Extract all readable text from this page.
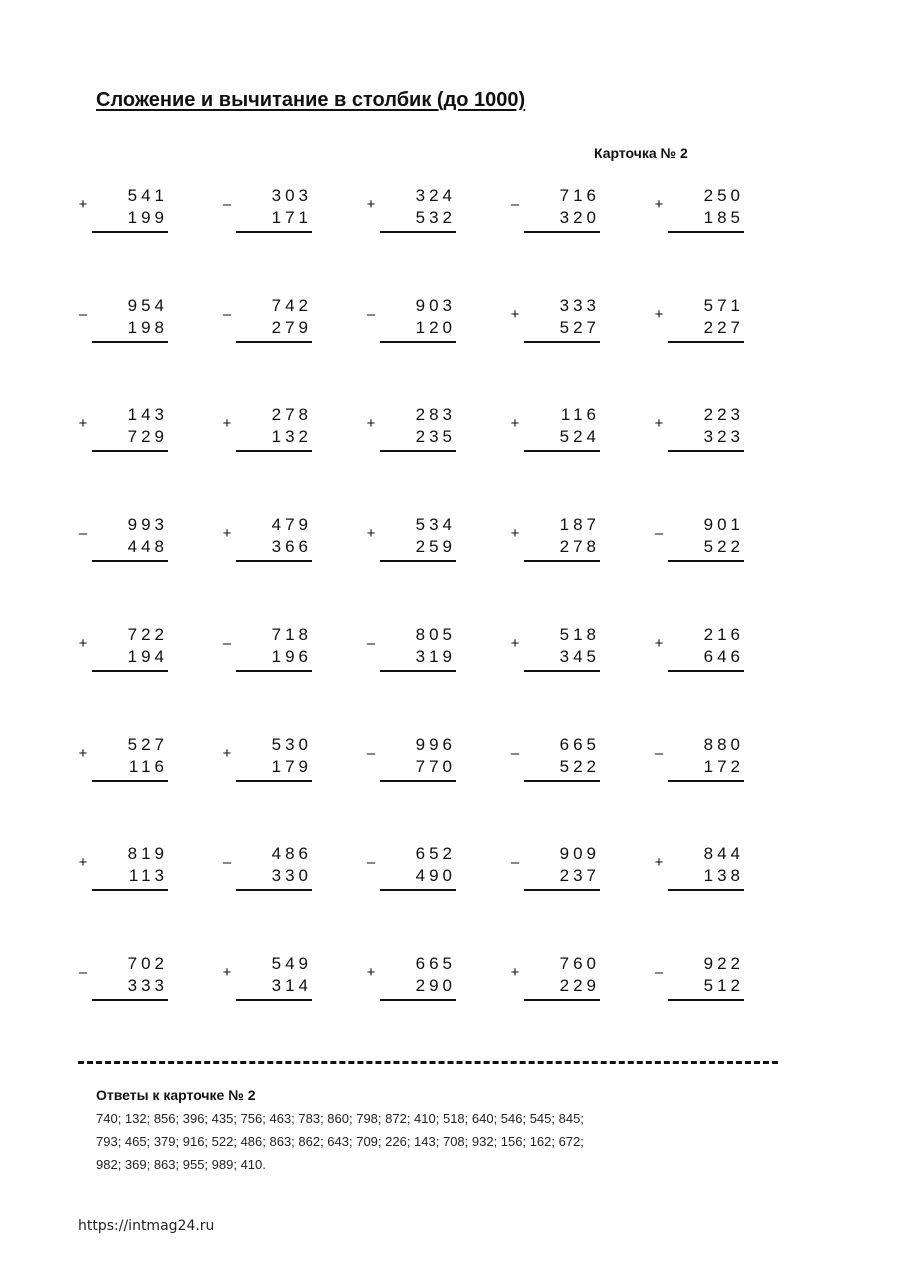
Сложение и вычитание в столбик (до 1000)
Карточка № 2
+	541
199
–	303
171
+	324
532
–	716
320
+	250
185
–	954
198
–	742
279
–	903
120
+	333
527
+	571
227
+	143
729
+	278
132
+	283
235
+	116
524
+	223
323
–	993
448
+	479
366
+	534
259
+	187
278
–	901
522
+	722
194
–	718
196
–	805
319
+	518
345
+	216
646
+	527
116
+	530
179
–	996
770
–	665
522
–	880
172
+	819
113
–	486
330
–	652
490
–	909
237
+	844
138
–	702
333
+	549
314
+	665
290
+	760
229
–	922
512
Ответы к карточке № 2
740; 132; 856; 396; 435; 756; 463; 783; 860; 798; 872; 410; 518; 640; 546; 545; 845;
793; 465; 379; 916; 522; 486; 863; 862; 643; 709; 226; 143; 708; 932; 156; 162; 672;
982; 369; 863; 955; 989; 410.
https://intmag24.ru
